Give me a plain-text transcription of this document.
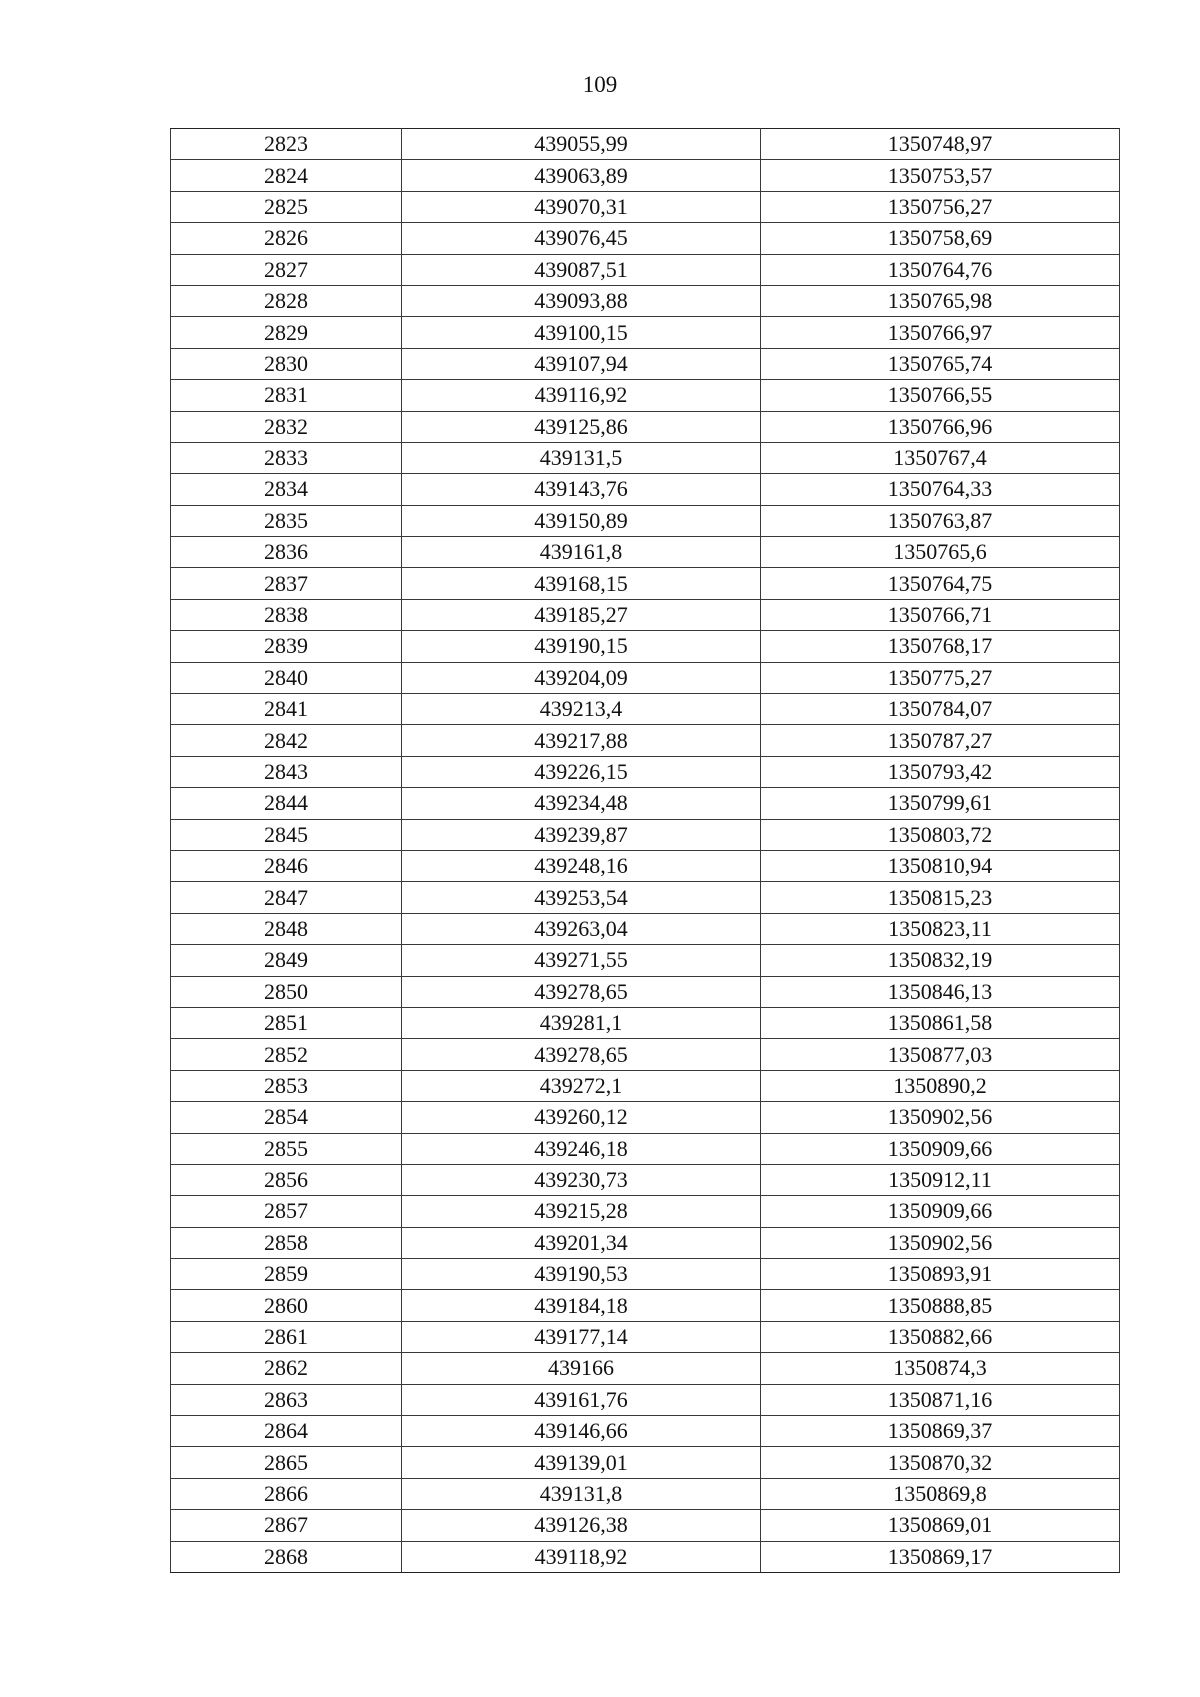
109
2823	439055,99	1350748,97
2824	439063,89	1350753,57
2825	439070,31	1350756,27
2826	439076,45	1350758,69
2827	439087,51	1350764,76
2828	439093,88	1350765,98
2829	439100,15	1350766,97
2830	439107,94	1350765,74
2831	439116,92	1350766,55
2832	439125,86	1350766,96
2833	439131,5	1350767,4
2834	439143,76	1350764,33
2835	439150,89	1350763,87
2836	439161,8	1350765,6
2837	439168,15	1350764,75
2838	439185,27	1350766,71
2839	439190,15	1350768,17
2840	439204,09	1350775,27
2841	439213,4	1350784,07
2842	439217,88	1350787,27
2843	439226,15	1350793,42
2844	439234,48	1350799,61
2845	439239,87	1350803,72
2846	439248,16	1350810,94
2847	439253,54	1350815,23
2848	439263,04	1350823,11
2849	439271,55	1350832,19
2850	439278,65	1350846,13
2851	439281,1	1350861,58
2852	439278,65	1350877,03
2853	439272,1	1350890,2
2854	439260,12	1350902,56
2855	439246,18	1350909,66
2856	439230,73	1350912,11
2857	439215,28	1350909,66
2858	439201,34	1350902,56
2859	439190,53	1350893,91
2860	439184,18	1350888,85
2861	439177,14	1350882,66
2862	439166	1350874,3
2863	439161,76	1350871,16
2864	439146,66	1350869,37
2865	439139,01	1350870,32
2866	439131,8	1350869,8
2867	439126,38	1350869,01
2868	439118,92	1350869,17
